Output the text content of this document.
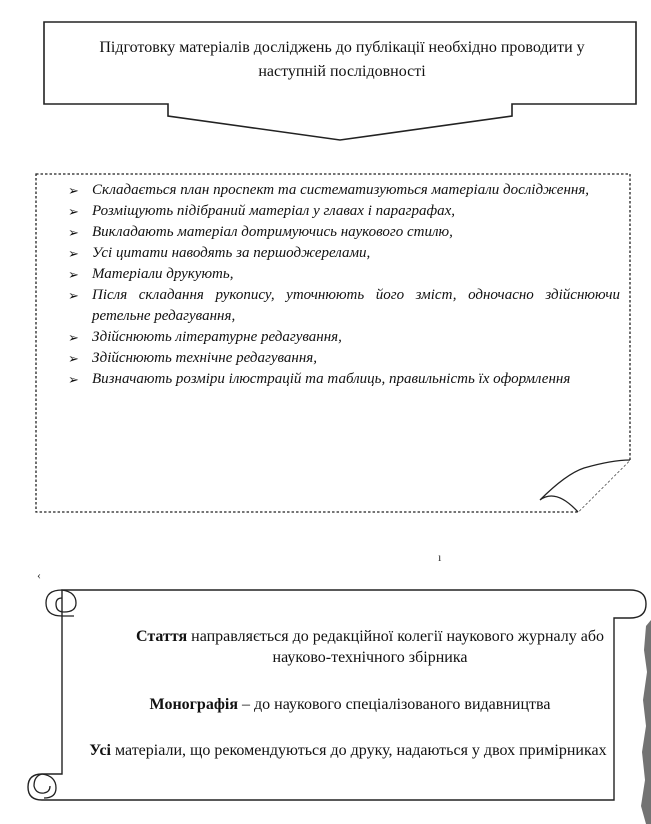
Підготовку матеріалів досліджень до публікації необхідно проводити у наступній послідовності

➢ Складається план проспект та систематизуються матеріали дослідження,
➢ Розміщують підібраний матеріал у главах і параграфах,
➢ Викладають матеріал дотримуючись наукового стилю,
➢ Усі цитати наводять за першоджерелами,
➢ Матеріали друкують,
➢ Після складання рукопису, уточнюють його зміст, одночасно здійснюючи ретельне редагування,
➢ Здійснюють літературне редагування,
➢ Здійснюють технічне редагування,
➢ Визначають розміри ілюстрацій та таблиць, правильність їх оформлення
ı
‹

Стаття направляється до редакційної колегії наукового журналу або науково-технічного збірника

Монографія – до наукового спеціалізованого видавництва

Усі матеріали, що рекомендуються до друку, надаються у двох примірниках
